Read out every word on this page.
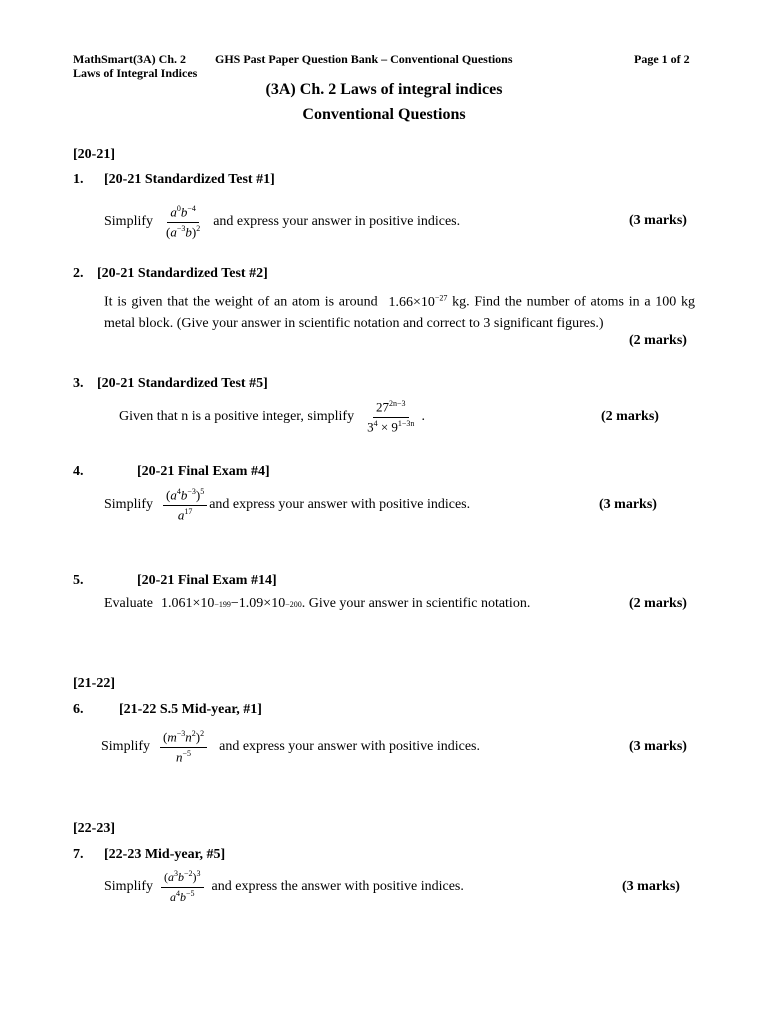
MathSmart(3A) Ch. 2
Laws of Integral Indices
GHS Past Paper Question Bank – Conventional Questions	Page 1 of 2
(3A) Ch. 2 Laws of integral indices
Conventional Questions
[20-21]
1. [20-21 Standardized Test #1]
Simplify $\frac{a^0b^{-4}}{(a^{-3}b)^2}$ and express your answer in positive indices.	(3 marks)
2. [20-21 Standardized Test #2]
It is given that the weight of an atom is around $1.66\times 10^{-27}$ kg. Find the number of atoms in a 100 kg metal block. (Give your answer in scientific notation and correct to 3 significant figures.)
(2 marks)
3. [20-21 Standardized Test #5]
Given that n is a positive integer, simplify $\frac{27^{2n-3}}{3^4 \times 9^{1-3n}}$ .	(2 marks)
4.	[20-21 Final Exam #4]
Simplify $\frac{(a^4b^{-3})^5}{a^{17}}$ and express your answer with positive indices.	(3 marks)
5.	[20-21 Final Exam #14]
Evaluate 1.061×10 −199 −1.09×10 −200 . Give your answer in scientific notation.	(2 marks)
[21-22]
6.	[21-22 S.5 Mid-year, #1]
Simplify $\frac{(m^{-3}n^2)^2}{n^{-5}}$ and express your answer with positive indices.	(3 marks)
[22-23]
7. [22-23 Mid-year, #5]
Simplify $\frac{(a^3b^{-2})^3}{a^4b^{-5}}$ and express the answer with positive indices.	(3 marks)
